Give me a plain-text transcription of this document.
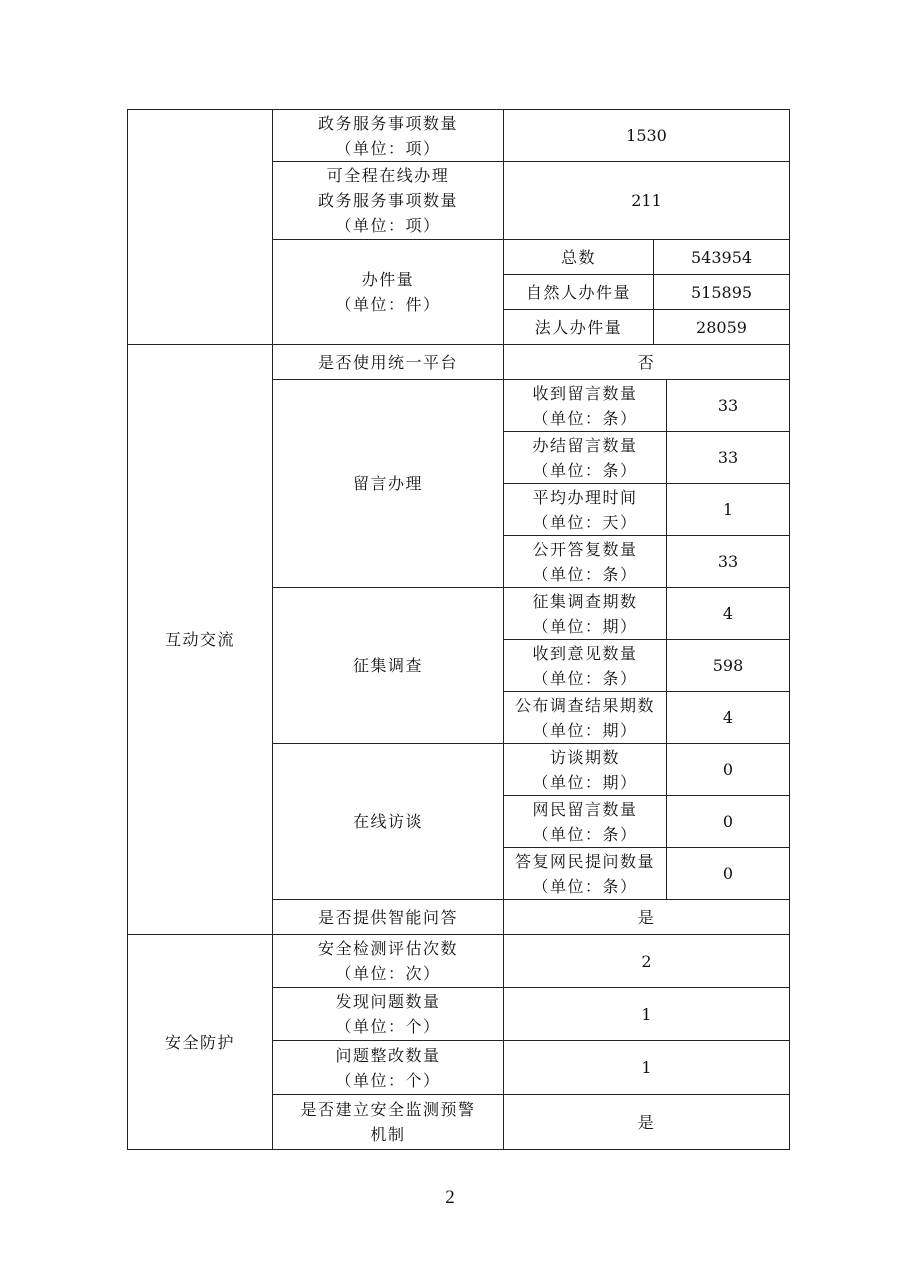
	政务服务事项数量
（单位：项）	1530		

	可全程在线办理
政务服务事项数量
（单位：项）	211		

	办件量
（单位：件）	总数	543954	
		自然人办件量	515895	
		法人办件量	28059	

互动交流	是否使用统一平台	否		
	留言办理	收到留言数量
（单位：条）		33

		办结留言数量
（单位：条）		33

		平均办理时间
（单位：天）		1

		公开答复数量
（单位：条）		33
	征集调查	征集调查期数
（单位：期）		4

		收到意见数量
（单位：条）		598

		公布调查结果期数
（单位：期）		4
	在线访谈	访谈期数
（单位：期）		0

		网民留言数量
（单位：条）		0

		答复网民提问数量
（单位：条）		0
	是否提供智能问答	是		

安全防护	安全检测评估次数
（单位：次）	2		

	发现问题数量
（单位：个）	1		

	问题整改数量
（单位：个）	1		

	是否建立安全监测预警
机制	是		
2
